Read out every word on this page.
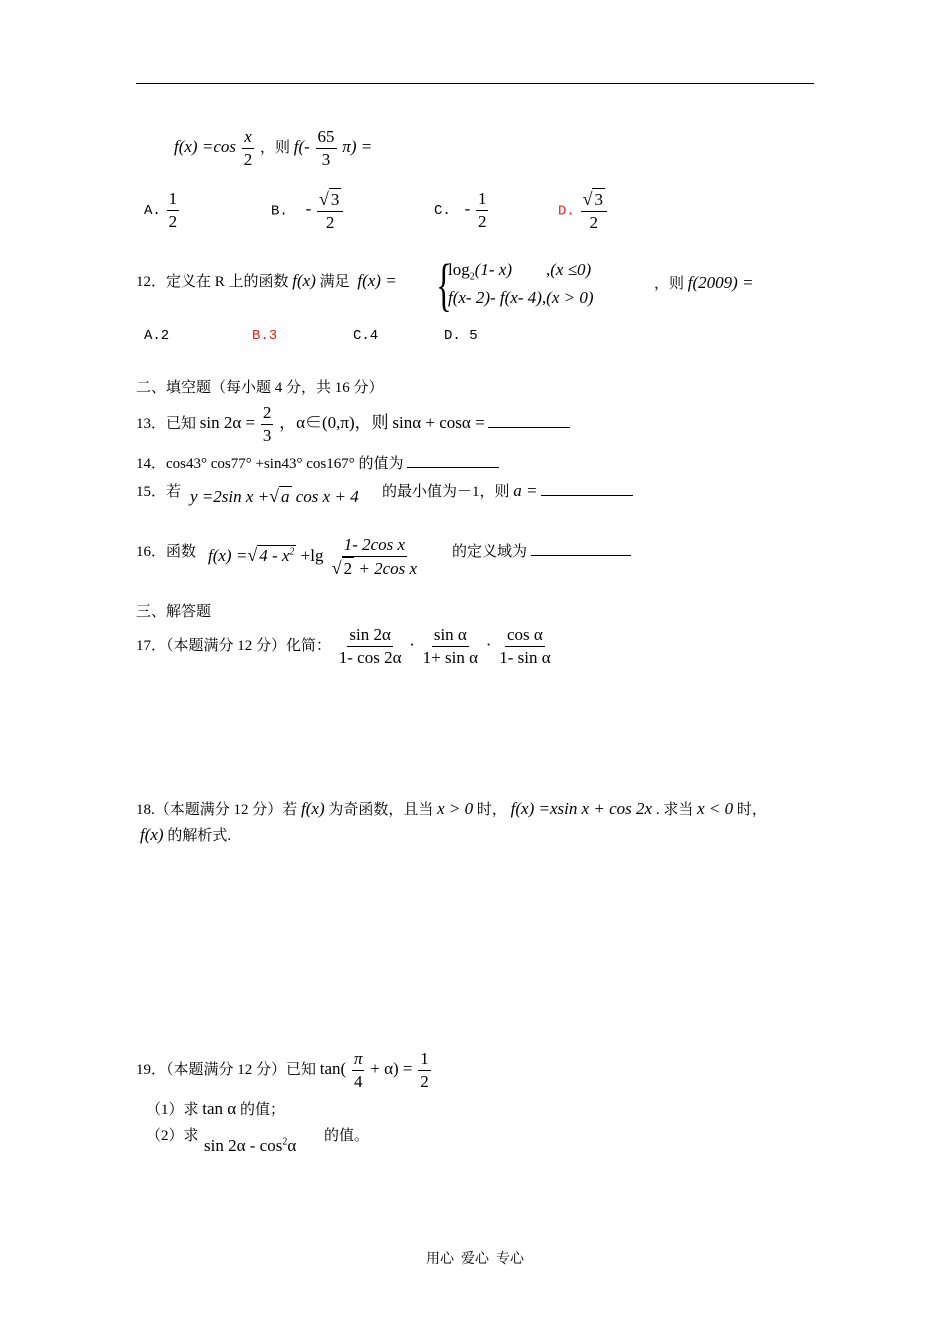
$f(x) =\cos \frac{x}{2}$ ，则 $f(- \frac{65}{3} \pi)$ =
A. $\frac{1}{2}$	B. - $\frac{√ 3}{2}$	C. - $\frac{1}{2}$	D. $\frac{√ 3}{2}$
12．定义在 R 上的函数 f(x) 满足 f(x) = {
$\log_2(1-$ x)        ,(x ≤0)
f(x- 2)- f(x- 4),(x > 0)
，则 f(2009) =
A.2	B.3	C.4	D. 5
二、填空题（每小题 4 分，共 16 分）
13．已知 $\sin 2\alpha = \frac{2}{3}$ ，α∈(0,π)，则 sinα + cosα =
14．cos43° cos77° +sin43° cos167° 的值为
15．若 y =2sin x +√ a cos x + 4 的最小值为－1，则 a =
16．函数 f(x) =√ $4 - x^2 +\lg \frac{\text{1- 2cos x}}{\text{√ 2 + 2cos x}}$ 的定义域为
三、解答题
17．（本题满分 12 分）化简： $\frac{\sin 2\alpha}{1- \cos 2\alpha} \cdot \frac{\text{sin α}}{\text{1+ sin α}} \cdot \frac{\text{cos α}}{\text{1- sin α}}$
18.（本题满分 12 分）若 f(x) 为奇函数，且当 x > 0 时， f(x) =xsin x + cos 2x . 求当 x < 0 时，
f(x) 的解析式.
19．（本题满分 12 分）已知 $\tan( \frac{\pi}{4} + \alpha) = \frac{1}{2}$
（1）求 tan α 的值；
（2）求 $\sin 2\alpha - \cos^2\alpha$ 的值。
用心  爱心  专心
